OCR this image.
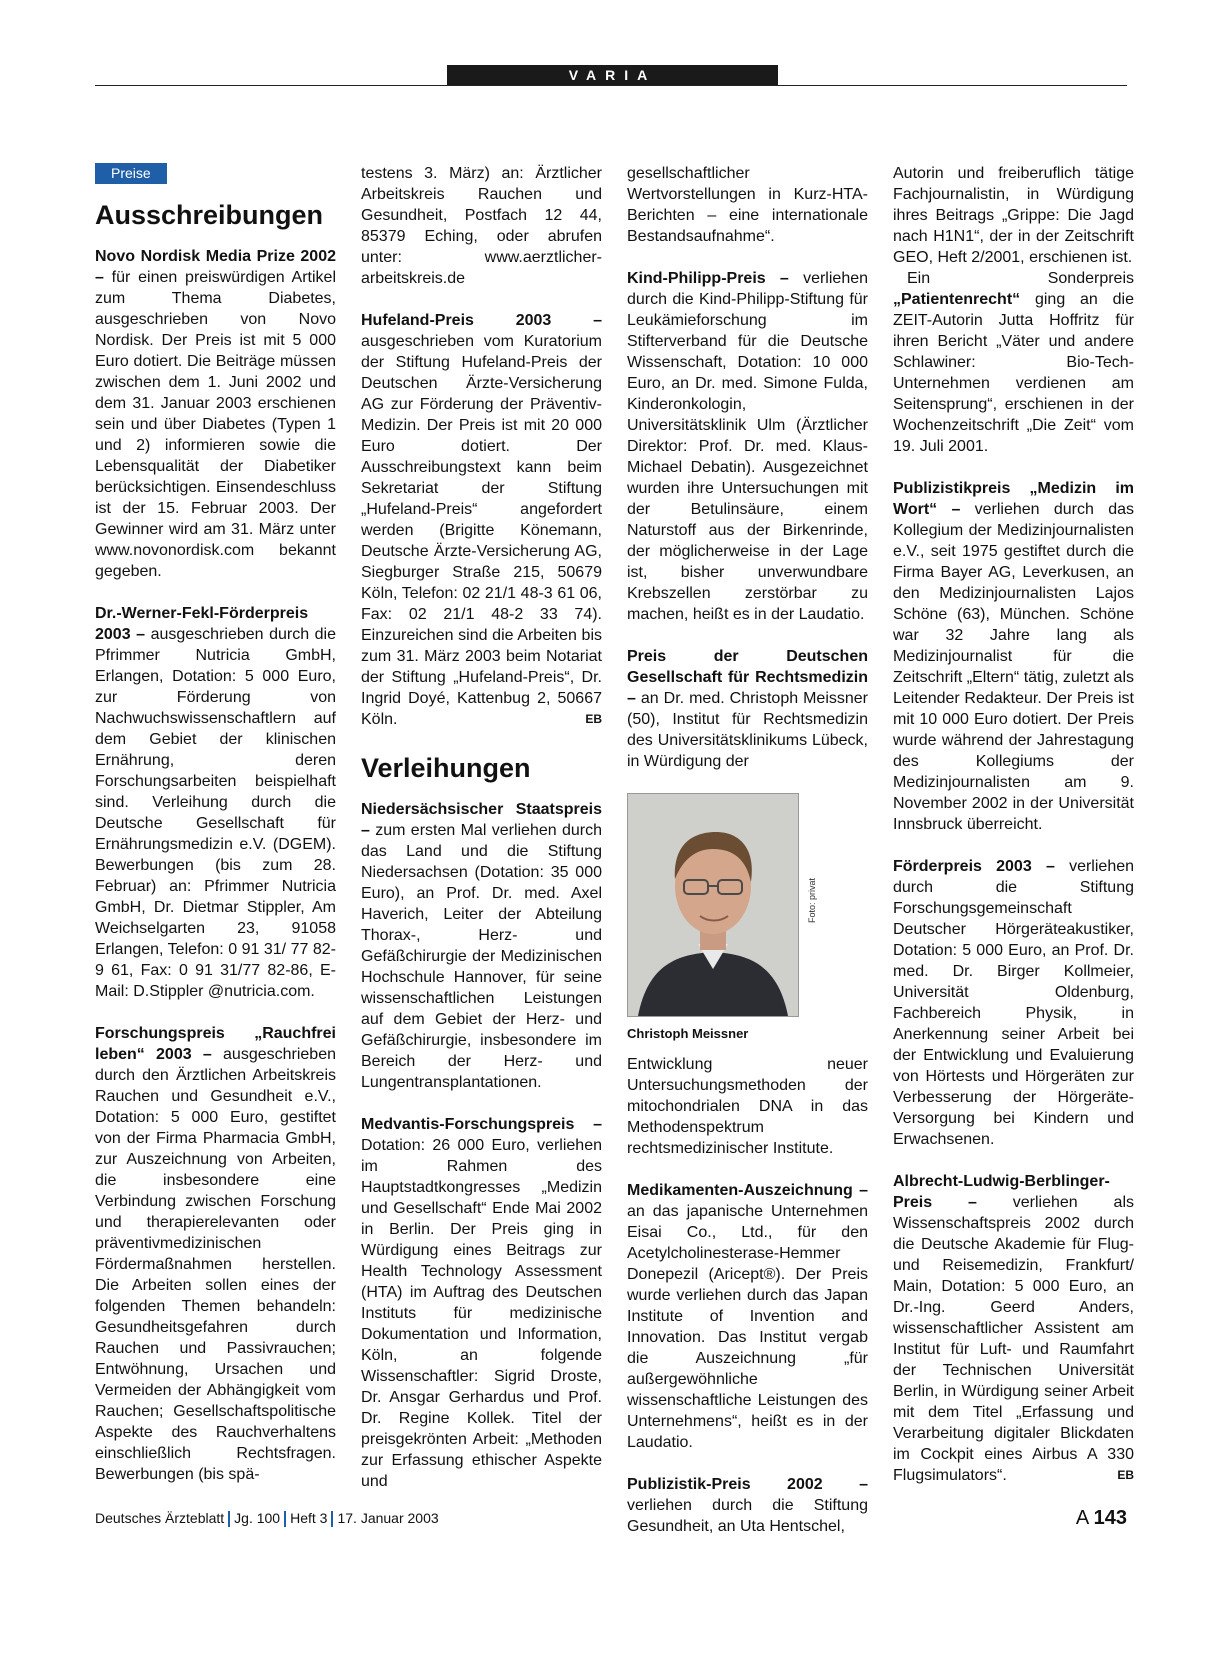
VARIA
Preise
Ausschreibungen

Novo Nordisk Media Prize 2002 – für einen preiswürdigen Artikel zum Thema Diabetes, ausgeschrieben von Novo Nordisk. Der Preis ist mit 5 000 Euro dotiert. Die Beiträge müssen zwischen dem 1. Juni 2002 und dem 31. Januar 2003 erschienen sein und über Diabetes (Typen 1 und 2) informieren sowie die Lebensqualität der Diabetiker berücksichtigen. Einsendeschluss ist der 15. Februar 2003. Der Gewinner wird am 31. März unter www.novonordisk.com bekannt gegeben.

Dr.-Werner-Fekl-Förderpreis 2003 – ausgeschrieben durch die Pfrimmer Nutricia GmbH, Erlangen, Dotation: 5 000 Euro, zur Förderung von Nachwuchswissenschaftlern auf dem Gebiet der klinischen Ernährung, deren Forschungsarbeiten beispielhaft sind. Verleihung durch die Deutsche Gesellschaft für Ernährungsmedizin e.V. (DGEM). Bewerbungen (bis zum 28. Februar) an: Pfrimmer Nutricia GmbH, Dr. Dietmar Stippler, Am Weichselgarten 23, 91058 Erlangen, Telefon: 0 91 31/ 77 82-9 61, Fax: 0 91 31/77 82-86, E-Mail: D.Stippler @nutricia.com.

Forschungspreis „Rauchfrei leben“ 2003 – ausgeschrieben durch den Ärztlichen Arbeitskreis Rauchen und Gesundheit e.V., Dotation: 5 000 Euro, gestiftet von der Firma Pharmacia GmbH, zur Auszeichnung von Arbeiten, die insbesondere eine Verbindung zwischen Forschung und therapierelevanten oder präventivmedizinischen Fördermaßnahmen herstellen. Die Arbeiten sollen eines der folgenden Themen behandeln: Gesundheitsgefahren durch Rauchen und Passivrauchen; Entwöhnung, Ursachen und Vermeiden der Abhängigkeit vom Rauchen; Gesellschaftspolitische Aspekte des Rauchverhaltens einschließlich Rechtsfragen. Bewerbungen (bis spä-

testens 3. März) an: Ärztlicher Arbeitskreis Rauchen und Gesundheit, Postfach 12 44, 85379 Eching, oder abrufen unter: www.aerztlicher-arbeitskreis.de

Hufeland-Preis 2003 – ausgeschrieben vom Kuratorium der Stiftung Hufeland-Preis der Deutschen Ärzte-Versicherung AG zur Förderung der Präventiv-Medizin. Der Preis ist mit 20 000 Euro dotiert. Der Ausschreibungstext kann beim Sekretariat der Stiftung „Hufeland-Preis“ angefordert werden (Brigitte Könemann, Deutsche Ärzte-Versicherung AG, Siegburger Straße 215, 50679 Köln, Telefon: 02 21/1 48-3 61 06, Fax: 02 21/1 48-2 33 74). Einzureichen sind die Arbeiten bis zum 31. März 2003 beim Notariat der Stiftung „Hufeland-Preis“, Dr. Ingrid Doyé, Kattenbug 2, 50667 Köln.	EB

Verleihungen

Niedersächsischer Staatspreis – zum ersten Mal verliehen durch das Land und die Stiftung Niedersachsen (Dotation: 35 000 Euro), an Prof. Dr. med. Axel Haverich, Leiter der Abteilung Thorax-, Herz- und Gefäßchirurgie der Medizinischen Hochschule Hannover, für seine wissenschaftlichen Leistungen auf dem Gebiet der Herz- und Gefäßchirurgie, insbesondere im Bereich der Herz- und Lungentransplantationen.

Medvantis-Forschungspreis – Dotation: 26 000 Euro, verliehen im Rahmen des Hauptstadtkongresses „Medizin und Gesellschaft“ Ende Mai 2002 in Berlin. Der Preis ging in Würdigung eines Beitrags zur Health Technology Assessment (HTA) im Auftrag des Deutschen Instituts für medizinische Dokumentation und Information, Köln, an folgende Wissenschaftler: Sigrid Droste, Dr. Ansgar Gerhardus und Prof. Dr. Regine Kollek. Titel der preisgekrönten Arbeit: „Methoden zur Erfassung ethischer Aspekte und

gesellschaftlicher Wertvorstellungen in Kurz-HTA-Berichten – eine internationale Bestandsaufnahme“.

Kind-Philipp-Preis – verliehen durch die Kind-Philipp-Stiftung für Leukämieforschung im Stifterverband für die Deutsche Wissenschaft, Dotation: 10 000 Euro, an Dr. med. Simone Fulda, Kinderonkologin, Universitätsklinik Ulm (Ärztlicher Direktor: Prof. Dr. med. Klaus-Michael Debatin). Ausgezeichnet wurden ihre Untersuchungen mit der Betulinsäure, einem Naturstoff aus der Birkenrinde, der möglicherweise in der Lage ist, bisher unverwundbare Krebszellen zerstörbar zu machen, heißt es in der Laudatio.

Preis der Deutschen Gesellschaft für Rechtsmedizin – an Dr. med. Christoph Meissner (50), Institut für Rechtsmedizin des Universitätsklinikums Lübeck, in Würdigung der

Foto: privat
Christoph Meissner

Entwicklung neuer Untersuchungsmethoden der mitochondrialen DNA in das Methodenspektrum rechtsmedizinischer Institute.

Medikamenten-Auszeichnung – an das japanische Unternehmen Eisai Co., Ltd., für den Acetylcholinesterase-Hemmer Donepezil (Aricept®). Der Preis wurde verliehen durch das Japan Institute of Invention and Innovation. Das Institut vergab die Auszeichnung „für außergewöhnliche wissenschaftliche Leistungen des Unternehmens“, heißt es in der Laudatio.

Publizistik-Preis 2002 – verliehen durch die Stiftung Gesundheit, an Uta Hentschel,

Autorin und freiberuflich tätige Fachjournalistin, in Würdigung ihres Beitrags „Grippe: Die Jagd nach H1N1“, der in der Zeitschrift GEO, Heft 2/2001, erschienen ist.

Ein Sonderpreis „Patientenrecht“ ging an die ZEIT-Autorin Jutta Hoffritz für ihren Bericht „Väter und andere Schlawiner: Bio-Tech-Unternehmen verdienen am Seitensprung“, erschienen in der Wochenzeitschrift „Die Zeit“ vom 19. Juli 2001.

Publizistikpreis „Medizin im Wort“ – verliehen durch das Kollegium der Medizinjournalisten e.V., seit 1975 gestiftet durch die Firma Bayer AG, Leverkusen, an den Medizinjournalisten Lajos Schöne (63), München. Schöne war 32 Jahre lang als Medizinjournalist für die Zeitschrift „Eltern“ tätig, zuletzt als Leitender Redakteur. Der Preis ist mit 10 000 Euro dotiert. Der Preis wurde während der Jahrestagung des Kollegiums der Medizinjournalisten am 9. November 2002 in der Universität Innsbruck überreicht.

Förderpreis 2003 – verliehen durch die Stiftung Forschungsgemeinschaft Deutscher Hörgeräteakustiker, Dotation: 5 000 Euro, an Prof. Dr. med. Dr. Birger Kollmeier, Universität Oldenburg, Fachbereich Physik, in Anerkennung seiner Arbeit bei der Entwicklung und Evaluierung von Hörtests und Hörgeräten zur Verbesserung der Hörgeräte-Versorgung bei Kindern und Erwachsenen.

Albrecht-Ludwig-Berblinger-Preis – verliehen als Wissenschaftspreis 2002 durch die Deutsche Akademie für Flug- und Reisemedizin, Frankfurt/ Main, Dotation: 5 000 Euro, an Dr.-Ing. Geerd Anders, wissenschaftlicher Assistent am Institut für Luft- und Raumfahrt der Technischen Universität Berlin, in Würdigung seiner Arbeit mit dem Titel „Erfassung und Verarbeitung digitaler Blickdaten im Cockpit eines Airbus A 330 Flugsimulators“.	EB

Deutsches Ärzteblatt Jg. 100 Heft 3 17. Januar 2003	A 143
